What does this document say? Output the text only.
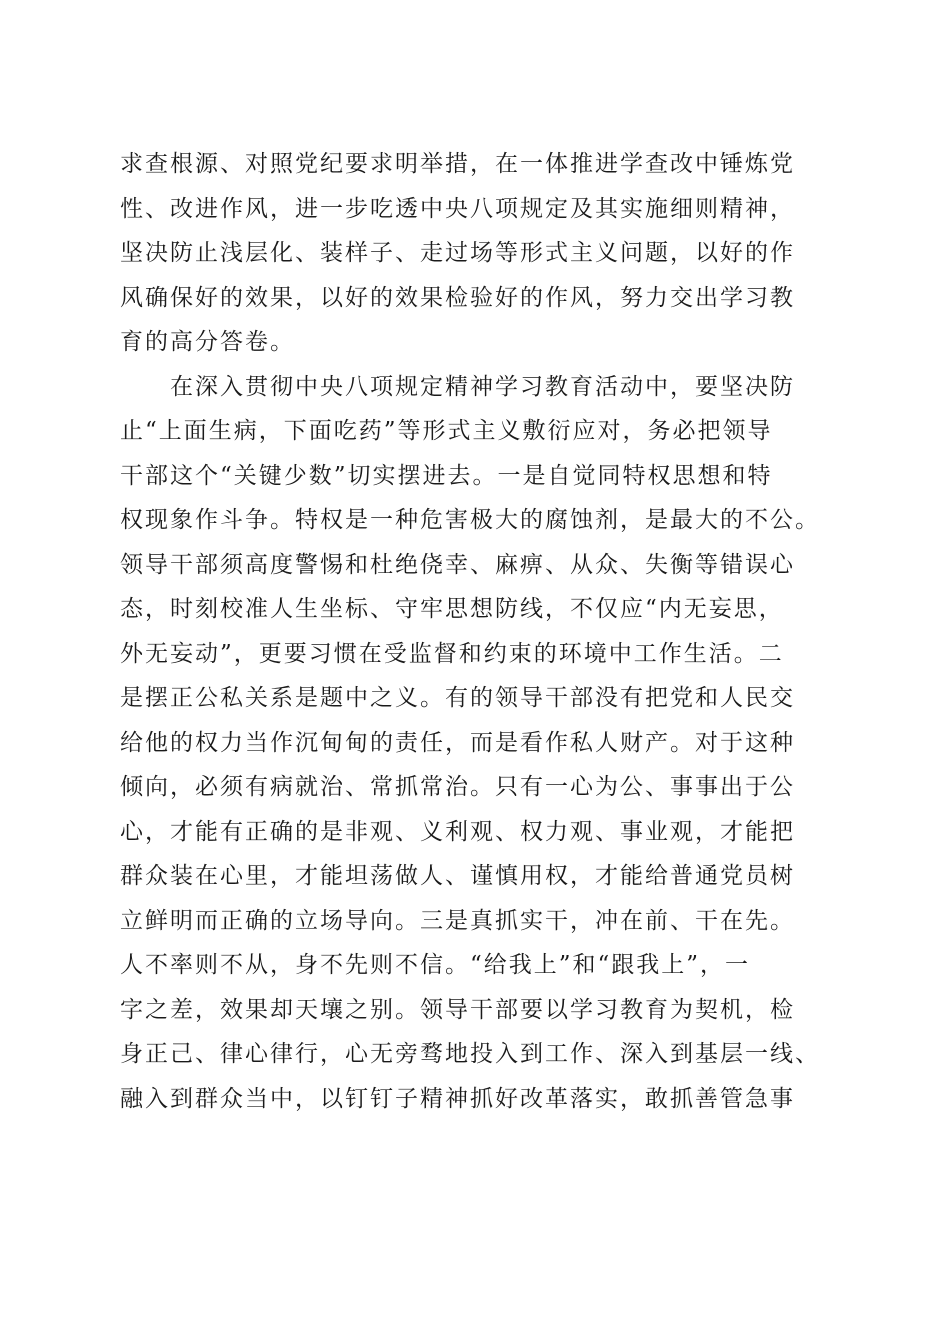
求查根源、对照党纪要求明举措，在一体推进学查改中锤炼党
性、改进作风，进一步吃透中央八项规定及其实施细则精神，
坚决防止浅层化、装样子、走过场等形式主义问题，以好的作
风确保好的效果，以好的效果检验好的作风，努力交出学习教
育的高分答卷。
在深入贯彻中央八项规定精神学习教育活动中，要坚决防
止“上面生病，下面吃药”等形式主义敷衍应对，务必把领导
干部这个“关键少数”切实摆进去。一是自觉同特权思想和特
权现象作斗争。特权是一种危害极大的腐蚀剂，是最大的不公。
领导干部须高度警惕和杜绝侥幸、麻痹、从众、失衡等错误心
态，时刻校准人生坐标、守牢思想防线，不仅应“内无妄思，
外无妄动”，更要习惯在受监督和约束的环境中工作生活。二
是摆正公私关系是题中之义。有的领导干部没有把党和人民交
给他的权力当作沉甸甸的责任，而是看作私人财产。对于这种
倾向，必须有病就治、常抓常治。只有一心为公、事事出于公
心，才能有正确的是非观、义利观、权力观、事业观，才能把
群众装在心里，才能坦荡做人、谨慎用权，才能给普通党员树
立鲜明而正确的立场导向。三是真抓实干，冲在前、干在先。
人不率则不从，身不先则不信。“给我上”和“跟我上”，一
字之差，效果却天壤之别。领导干部要以学习教育为契机，检
身正己、律心律行，心无旁骛地投入到工作、深入到基层一线、
融入到群众当中，以钉钉子精神抓好改革落实，敢抓善管急事
